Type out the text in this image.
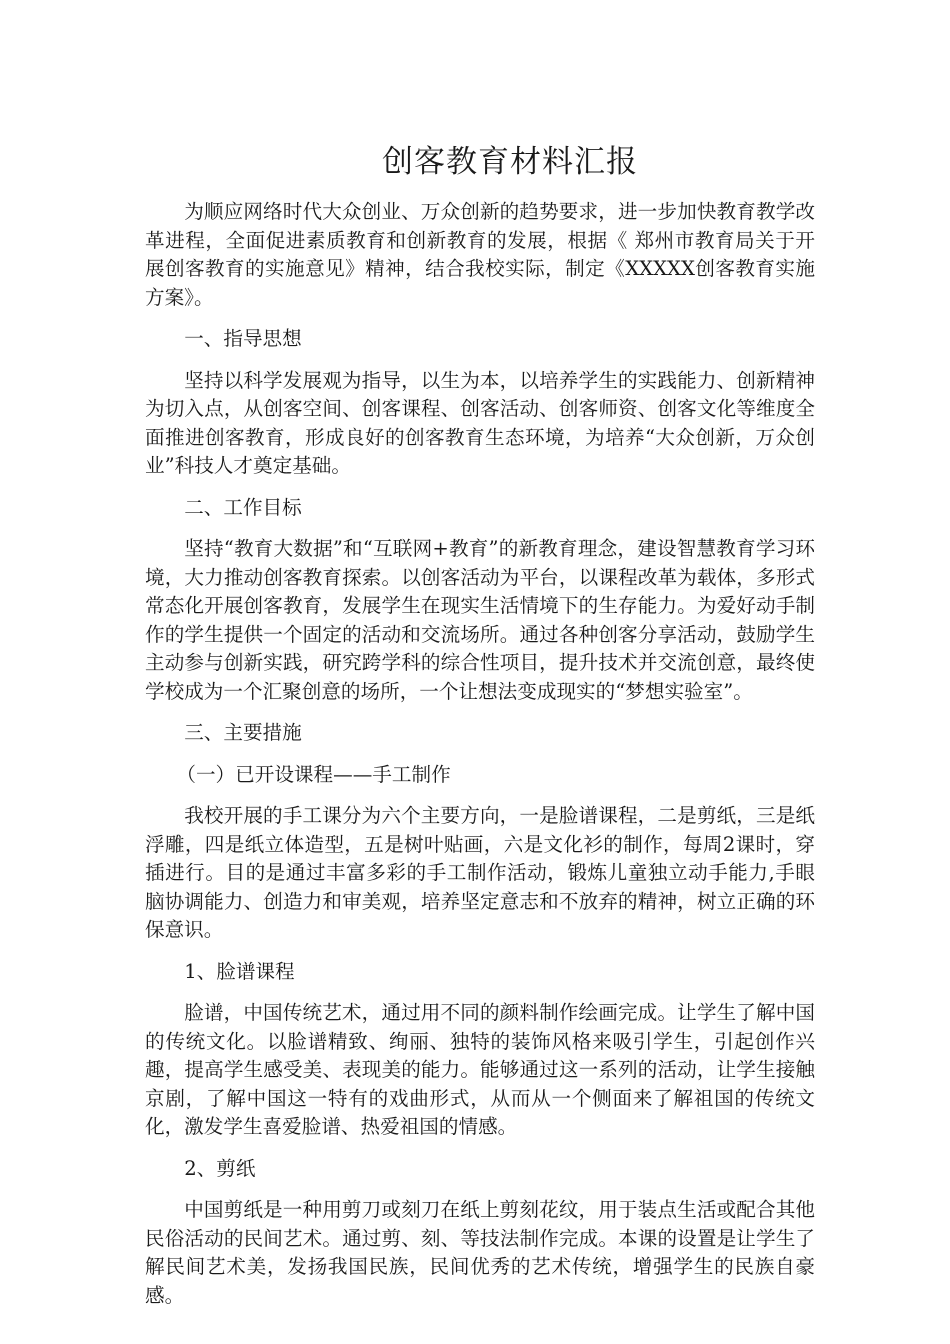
创客教育材料汇报

为顺应网络时代大众创业、万众创新的趋势要求，进一步加快教育教学改革进程，全面促进素质教育和创新教育的发展，根据《 郑州市教育局关于开展创客教育的实施意见》精神，结合我校实际，制定《XXXXX创客教育实施方案》。

一、指导思想

坚持以科学发展观为指导，以生为本，以培养学生的实践能力、创新精神为切入点，从创客空间、创客课程、创客活动、创客师资、创客文化等维度全面推进创客教育，形成良好的创客教育生态环境，为培养“大众创新，万众创业”科技人才奠定基础。

二、工作目标

坚持“教育大数据”和“互联网+教育”的新教育理念，建设智慧教育学习环境，大力推动创客教育探索。以创客活动为平台，以课程改革为载体，多形式常态化开展创客教育，发展学生在现实生活情境下的生存能力。为爱好动手制作的学生提供一个固定的活动和交流场所。通过各种创客分享活动，鼓励学生主动参与创新实践，研究跨学科的综合性项目，提升技术并交流创意，最终使学校成为一个汇聚创意的场所，一个让想法变成现实的“梦想实验室”。

三、主要措施

（一）已开设课程——手工制作

我校开展的手工课分为六个主要方向，一是脸谱课程，二是剪纸，三是纸浮雕，四是纸立体造型，五是树叶贴画，六是文化衫的制作，每周2课时，穿插进行。目的是通过丰富多彩的手工制作活动，锻炼儿童独立动手能力,手眼脑协调能力、创造力和审美观，培养坚定意志和不放弃的精神，树立正确的环保意识。

1、脸谱课程

脸谱，中国传统艺术，通过用不同的颜料制作绘画完成。让学生了解中国的传统文化。以脸谱精致、绚丽、独特的装饰风格来吸引学生，引起创作兴趣，提高学生感受美、表现美的能力。能够通过这一系列的活动，让学生接触京剧，了解中国这一特有的戏曲形式，从而从一个侧面来了解祖国的传统文化，激发学生喜爱脸谱、热爱祖国的情感。

2、剪纸

中国剪纸是一种用剪刀或刻刀在纸上剪刻花纹，用于装点生活或配合其他民俗活动的民间艺术。通过剪、刻、等技法制作完成。本课的设置是让学生了解民间艺术美，发扬我国民族，民间优秀的艺术传统，增强学生的民族自豪感。
